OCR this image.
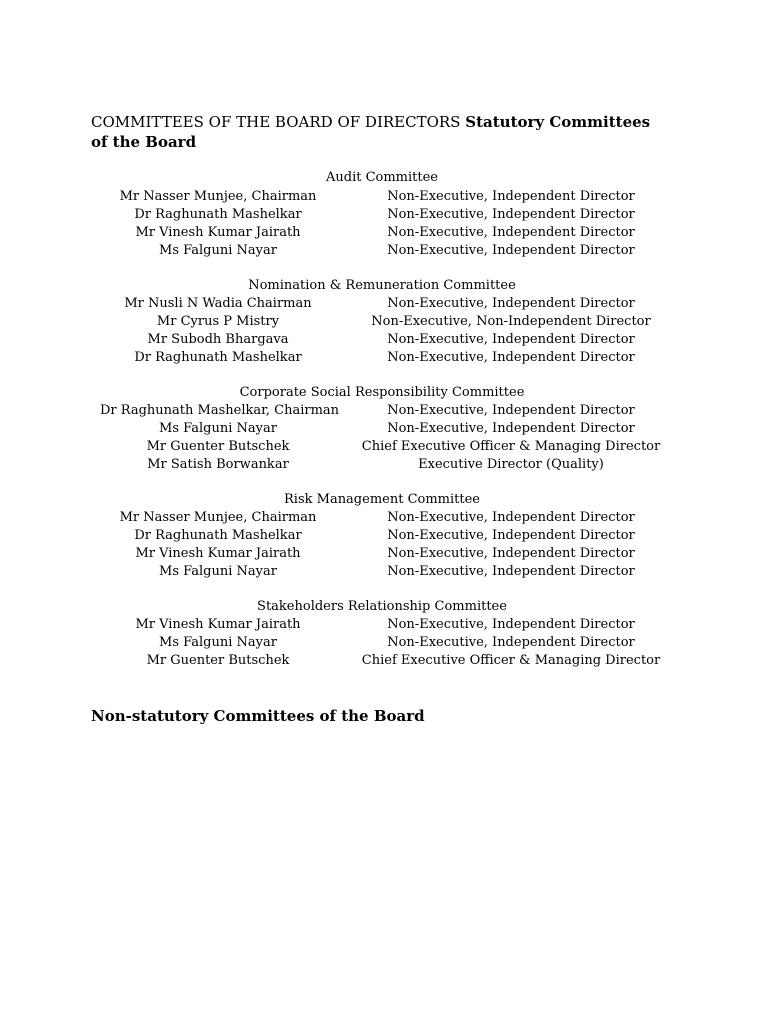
COMMITTEES OF THE BOARD OF DIRECTORS Statutory Committees of the Board
Audit Committee
Mr Nasser Munjee, Chairman	Non-Executive, Independent Director
Dr Raghunath Mashelkar	Non-Executive, Independent Director
Mr Vinesh Kumar Jairath	Non-Executive, Independent Director
Ms Falguni Nayar	Non-Executive, Independent Director
Nomination & Remuneration Committee
Mr Nusli N Wadia Chairman	Non-Executive, Independent Director
Mr Cyrus P Mistry	Non-Executive, Non-Independent Director
Mr Subodh Bhargava	Non-Executive, Independent Director
Dr Raghunath Mashelkar	Non-Executive, Independent Director
Corporate Social Responsibility Committee
Dr Raghunath Mashelkar, Chairman	Non-Executive, Independent Director
Ms Falguni Nayar	Non-Executive, Independent Director
Mr Guenter Butschek	Chief Executive Officer & Managing Director
Mr Satish Borwankar	Executive Director (Quality)
Risk Management Committee
Mr Nasser Munjee, Chairman	Non-Executive, Independent Director
Dr Raghunath Mashelkar	Non-Executive, Independent Director
Mr Vinesh Kumar Jairath	Non-Executive, Independent Director
Ms Falguni Nayar	Non-Executive, Independent Director
Stakeholders Relationship Committee
Mr Vinesh Kumar Jairath	Non-Executive, Independent Director
Ms Falguni Nayar	Non-Executive, Independent Director
Mr Guenter Butschek	Chief Executive Officer & Managing Director
Non-statutory Committees of the Board
